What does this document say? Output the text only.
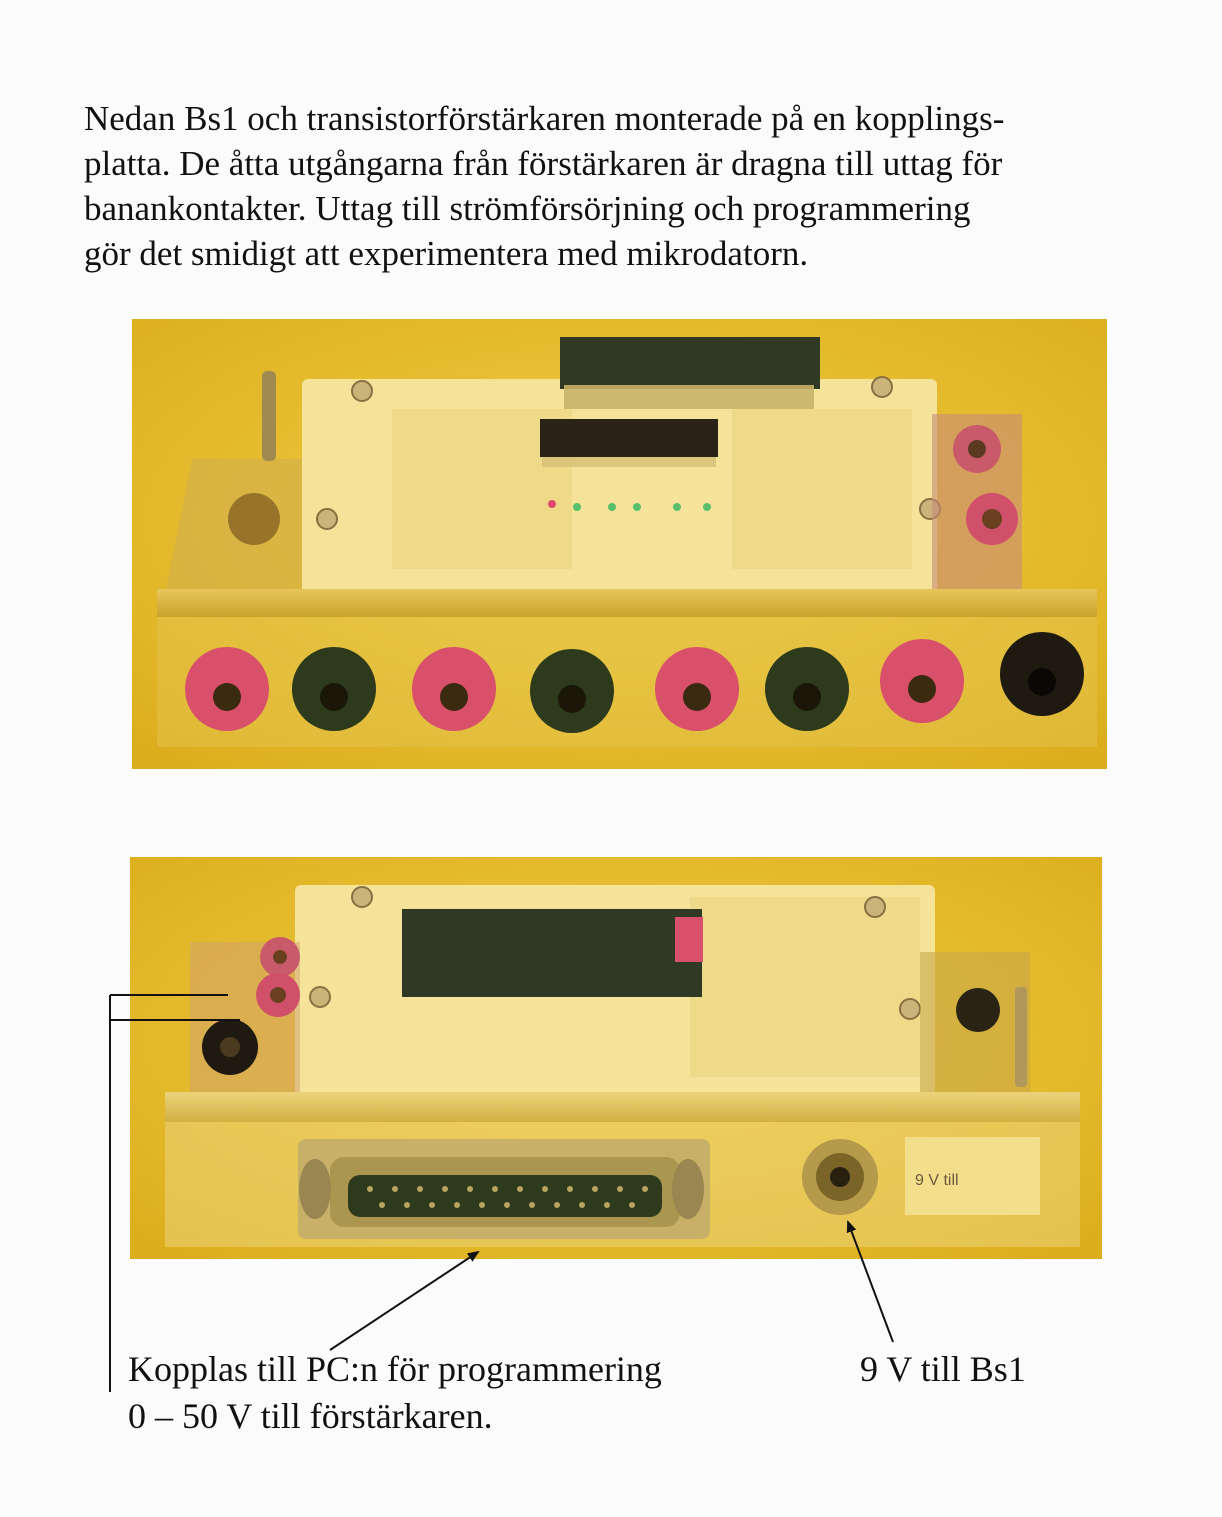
Nedan Bs1 och transistorförstärkaren monterade på en kopplings-
platta. De åtta utgångarna från förstärkaren är dragna till uttag för
banankontakter. Uttag till strömförsörjning och programmering
gör det smidigt att experimentera med mikrodatorn.
9 V till

Kopplas till PC:n för programmering

0 – 50 V till förstärkaren.

9 V till Bs1
